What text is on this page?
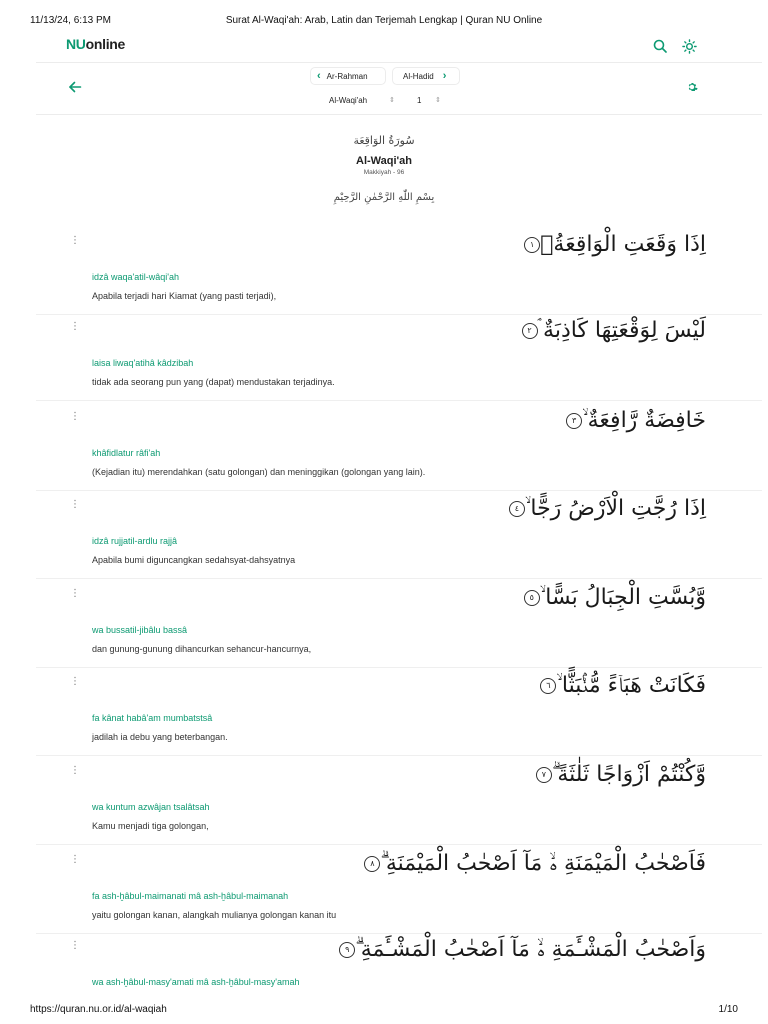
11/13/24, 6:13 PM	Surat Al-Waqi'ah: Arab, Latin dan Terjemah Lengkap | Quran NU Online
NUonline
‹ Ar-Rahman	Al-Hadid ›
Al-Waqi'ah	⇕	1 ⇕
سُورَةُ الوَاقِعَة
Al-Waqi'ah
Makkiyah - 96
بِسْمِ اللّٰهِ الرَّحْمٰنِ الرَّحِيْمِ
⋮	اِذَا وَقَعَتِ الْوَاقِعَةُۙ
١
idzâ waqa'atil-wâqi'ah
Apabila terjadi hari Kiamat (yang pasti terjadi),
⋮	لَيْسَ لِوَقْعَتِهَا كَاذِبَةٌ ۘ
٢
laisa liwaq'atihâ kâdzibah
tidak ada seorang pun yang (dapat) mendustakan terjadinya.
⋮	خَافِضَةٌ رَّافِعَةٌ ۙ
٣
khâfidlatur râfi'ah
(Kejadian itu) merendahkan (satu golongan) dan meninggikan (golongan yang lain).
⋮	اِذَا رُجَّتِ الْاَرْضُ رَجًّا ۙ
٤
idzâ rujjatil-ardlu rajjâ
Apabila bumi diguncangkan sedahsyat-dahsyatnya
⋮	وَّبُسَّتِ الْجِبَالُ بَسًّا ۙ
٥
wa bussatil-jibâlu bassâ
dan gunung-gunung dihancurkan sehancur-hancurnya,
⋮	فَكَانَتْ هَبَاۤءً مُّنْۢبَثًّا ۙ
٦
fa kânat habâ'am mumbatstsâ
jadilah ia debu yang beterbangan.
⋮	وَّكُنْتُمْ اَزْوَاجًا ثَلٰثَةً ۗ
٧
wa kuntum azwâjan tsalâtsah
Kamu menjadi tiga golongan,
⋮	فَاَصْحٰبُ الْمَيْمَنَةِ ەۙ مَآ اَصْحٰبُ الْمَيْمَنَةِ ۗ
٨
fa ash-ḫâbul-maimanati mâ ash-ḫâbul-maimanah
yaitu golongan kanan, alangkah mulianya golongan kanan itu
⋮	وَاَصْحٰبُ الْمَشْـَٔمَةِ ەۙ مَآ اَصْحٰبُ الْمَشْـَٔمَةِ ۗ
٩
wa ash-ḫâbul-masy'amati mâ ash-ḫâbul-masy'amah
https://quran.nu.or.id/al-waqiah	1/10
